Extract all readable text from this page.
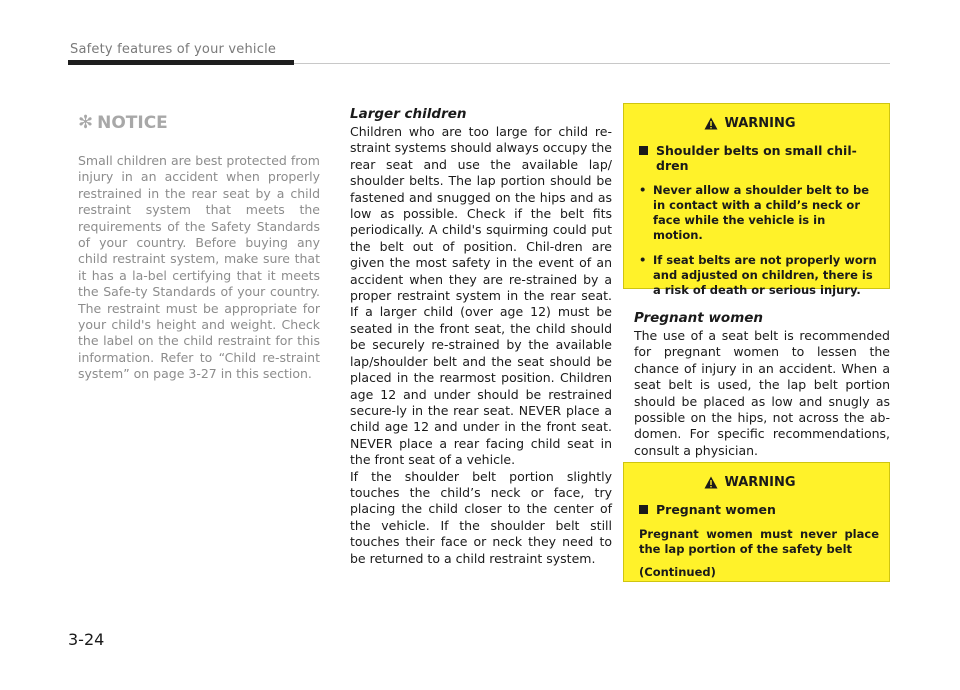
Safety features of your vehicle
✻ NOTICE

Small children are best protected from injury in an accident when properly restrained in the rear seat by a child restraint system that meets the requirements of the Safety Standards of your country. Before buying any child restraint system, make sure that it has a la-bel certifying that it meets the Safe-ty Standards of your country. The restraint must be appropriate for your child's height and weight. Check the label on the child restraint for this information. Refer to “Child re-straint system” on page 3-27 in this section.

Larger children

Children who are too large for child re-straint systems should always occupy the rear seat and use the available lap/ shoulder belts. The lap portion should be fastened and snugged on the hips and as low as possible. Check if the belt fits periodically. A child's squirming could put the belt out of position. Chil-dren are given the most safety in the event of an accident when they are re-strained by a proper restraint system in the rear seat. If a larger child (over age 12) must be seated in the front seat, the child should be securely re-strained by the available lap/shoulder belt and the seat should be placed in the rearmost position. Children age 12 and under should be restrained secure-ly in the rear seat. NEVER place a child age 12 and under in the front seat. NEVER place a rear facing child seat in the front seat of a vehicle.

If the shoulder belt portion slightly touches the child’s neck or face, try placing the child closer to the center of the vehicle. If the shoulder belt still touches their face or neck they need to be returned to a child restraint system.

WARNING
Shoulder belts on small chil-dren
• Never allow a shoulder belt to be in contact with a child’s neck or face while the vehicle is in motion.
• If seat belts are not properly worn and adjusted on children, there is a risk of death or serious injury.
Pregnant women

The use of a seat belt is recommended for pregnant women to lessen the chance of injury in an accident. When a seat belt is used, the lap belt portion should be placed as low and snugly as possible on the hips, not across the ab-domen. For specific recommendations, consult a physician.

WARNING
Pregnant women
Pregnant women must never place the lap portion of the safety belt
(Continued)
3-24
